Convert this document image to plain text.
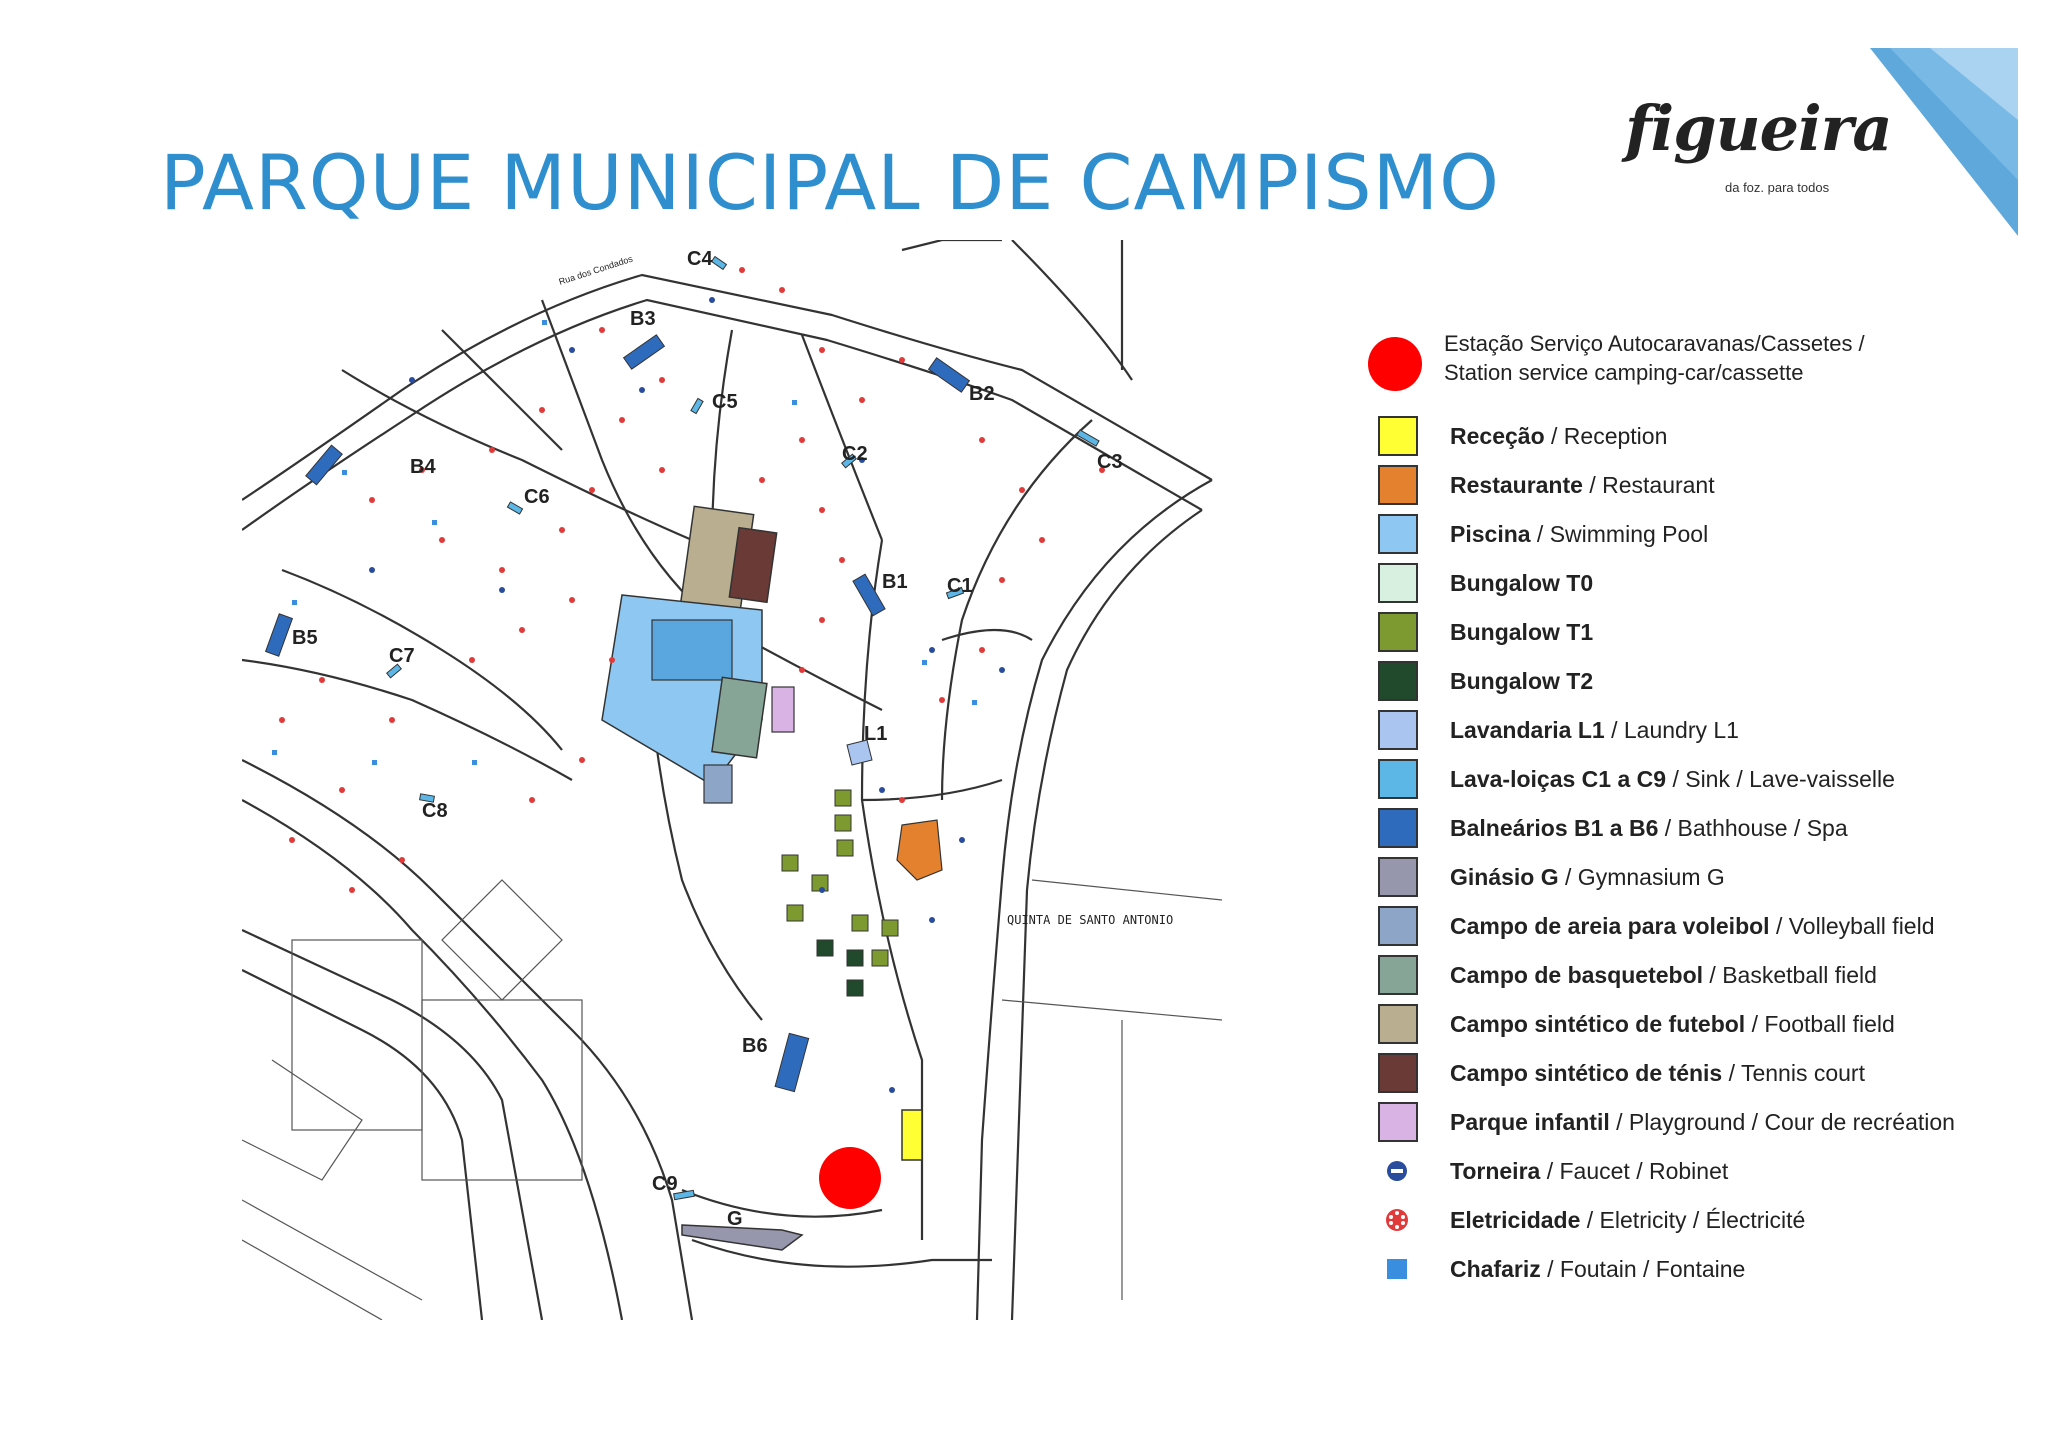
PARQUE MUNICIPAL DE CAMPISMO
figueira
da foz. para todos
Rua dos Condados
QUINTA DE SANTO ANTONIO
C4
B3
C5	B2
C2	C3
B4
C6
B1 C1
B5
C7
L1
C8
B6
C9
G
Estação Serviço Autocaravanas/Cassetes /
Station service camping-car/cassette
Receção / Reception
Restaurante / Restaurant
Piscina / Swimming Pool
Bungalow T0
Bungalow T1
Bungalow T2
Lavandaria L1 / Laundry L1
Lava-loiças C1 a C9 / Sink / Lave-vaisselle
Balneários B1 a B6 / Bathhouse / Spa
Ginásio G / Gymnasium G
Campo de areia para voleibol / Volleyball field
Campo de basquetebol / Basketball field
Campo sintético de futebol / Football field
Campo sintético de ténis / Tennis court
Parque infantil / Playground / Cour de recréation
Torneira / Faucet / Robinet
Eletricidade / Eletricity / Électricité
Chafariz / Foutain / Fontaine
